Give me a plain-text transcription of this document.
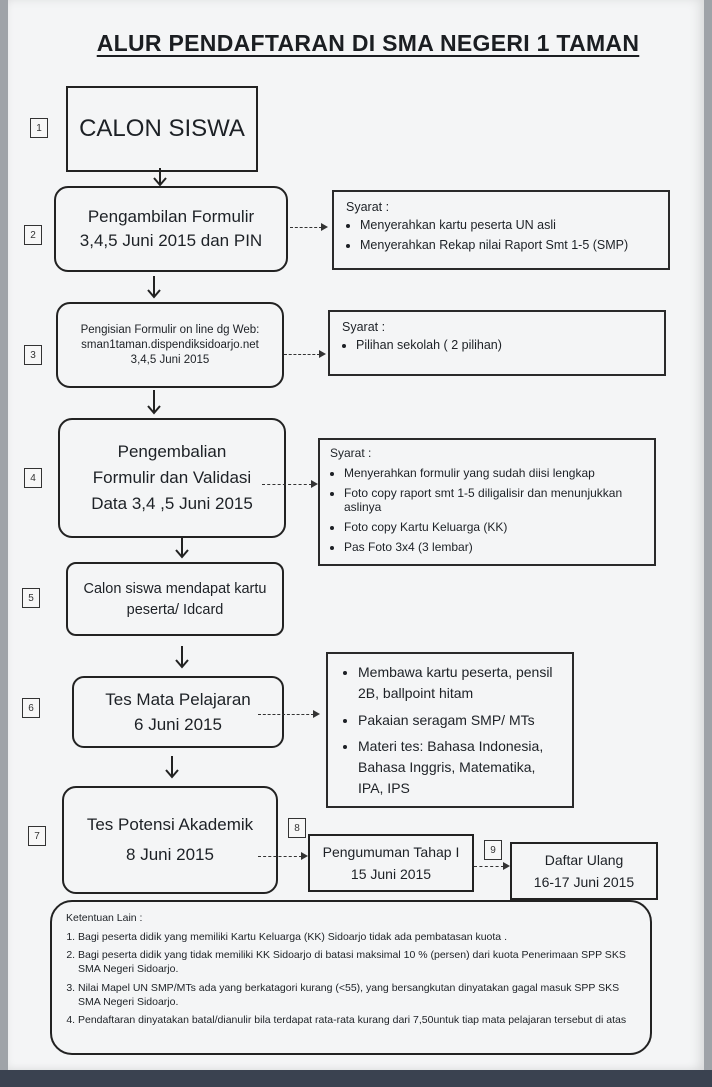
ALUR PENDAFTARAN DI SMA NEGERI 1 TAMAN
1
2
3
4
5
6
7
8
9
CALON SISWA
Pengambilan Formulir
3,4,5 Juni 2015 dan PIN
Syarat :
• Menyerahkan kartu peserta UN asli
• Menyerahkan Rekap nilai Raport Smt 1-5 (SMP)
Pengisian Formulir on line dg Web:
sman1taman.dispendiksidoarjo.net
3,4,5 Juni 2015
Syarat :
• Pilihan sekolah ( 2 pilihan)
Pengembalian
Formulir dan Validasi
Data 3,4 ,5 Juni 2015
Syarat :
• Menyerahkan formulir yang sudah diisi lengkap
• Foto copy raport smt 1-5 diligalisir dan menunjukkan aslinya
• Foto copy Kartu Keluarga (KK)
• Pas Foto 3x4 (3 lembar)
Calon siswa mendapat kartu
peserta/ Idcard
Tes Mata Pelajaran
6 Juni 2015
• Membawa kartu peserta, pensil 2B, ballpoint hitam
• Pakaian seragam SMP/ MTs
• Materi tes: Bahasa Indonesia, Bahasa Inggris, Matematika, IPA, IPS
Tes Potensi Akademik
8 Juni 2015	Pengumuman Tahap I
15 Juni 2015
Daftar Ulang
16-17 Juni 2015
Ketentuan Lain :
1. Bagi peserta didik yang memiliki Kartu Keluarga (KK) Sidoarjo tidak ada pembatasan kuota .
2. Bagi peserta didik yang tidak memiliki KK Sidoarjo di batasi maksimal 10 % (persen) dari kuota Penerimaan SPP SKS SMA Negeri Sidoarjo.
3. Nilai Mapel UN SMP/MTs ada yang berkatagori kurang (<55), yang bersangkutan dinyatakan gagal masuk SPP SKS SMA Negeri Sidoarjo.
4. Pendaftaran dinyatakan batal/dianulir bila terdapat rata-rata kurang dari 7,50untuk tiap mata pelajaran tersebut di atas
